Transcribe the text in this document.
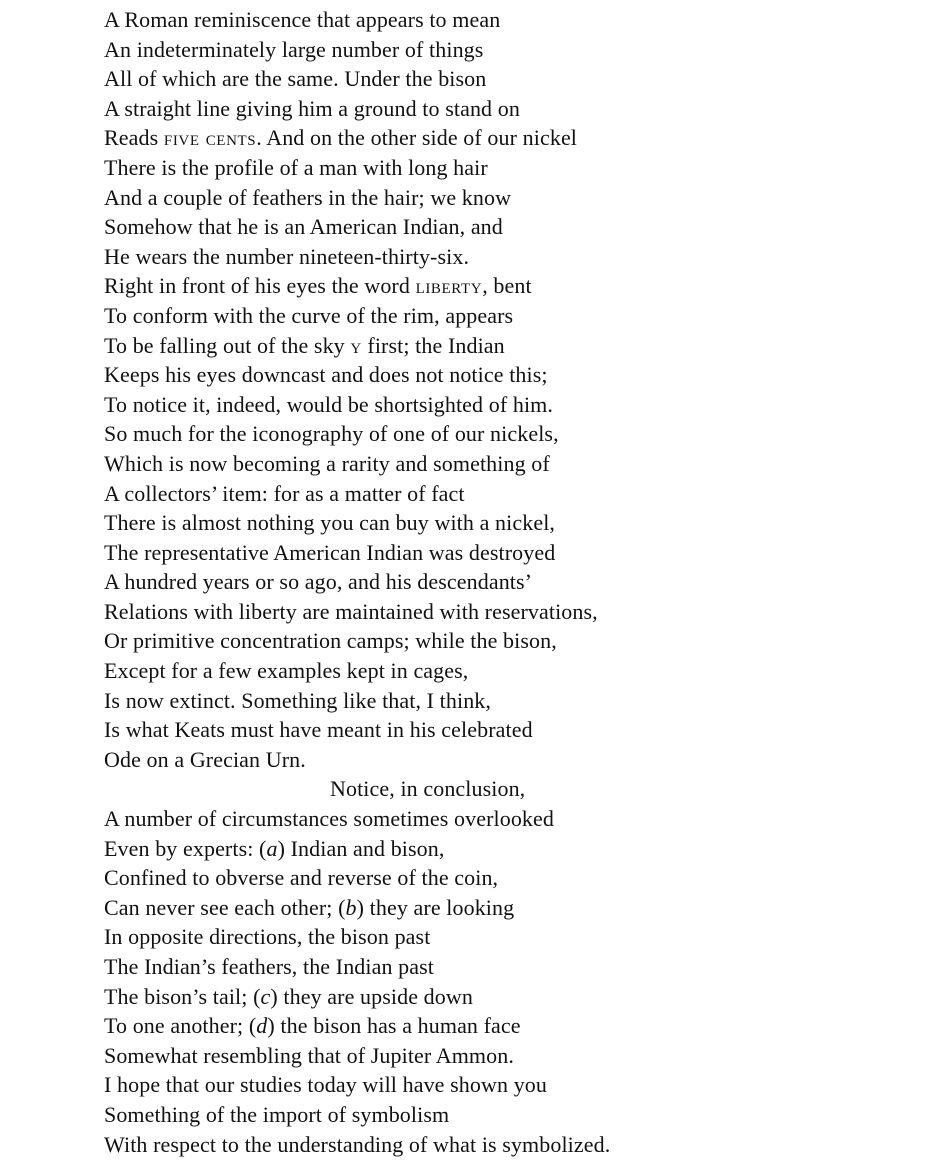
A Roman reminiscence that appears to mean
An indeterminately large number of things
All of which are the same. Under the bison
A straight line giving him a ground to stand on
Reads five cents. And on the other side of our nickel
There is the profile of a man with long hair
And a couple of feathers in the hair; we know
Somehow that he is an American Indian, and
He wears the number nineteen-thirty-six.
Right in front of his eyes the word liberty, bent
To conform with the curve of the rim, appears
To be falling out of the sky y first; the Indian
Keeps his eyes downcast and does not notice this;
To notice it, indeed, would be shortsighted of him.
So much for the iconography of one of our nickels,
Which is now becoming a rarity and something of
A collectors’ item: for as a matter of fact
There is almost nothing you can buy with a nickel,
The representative American Indian was destroyed
A hundred years or so ago, and his descendants’
Relations with liberty are maintained with reservations,
Or primitive concentration camps; while the bison,
Except for a few examples kept in cages,
Is now extinct. Something like that, I think,
Is what Keats must have meant in his celebrated
Ode on a Grecian Urn.
Notice, in conclusion,
A number of circumstances sometimes overlooked
Even by experts: (a) Indian and bison,
Confined to obverse and reverse of the coin,
Can never see each other; (b) they are looking
In opposite directions, the bison past
The Indian’s feathers, the Indian past
The bison’s tail; (c) they are upside down
To one another; (d) the bison has a human face
Somewhat resembling that of Jupiter Ammon.
I hope that our studies today will have shown you
Something of the import of symbolism
With respect to the understanding of what is symbolized.
